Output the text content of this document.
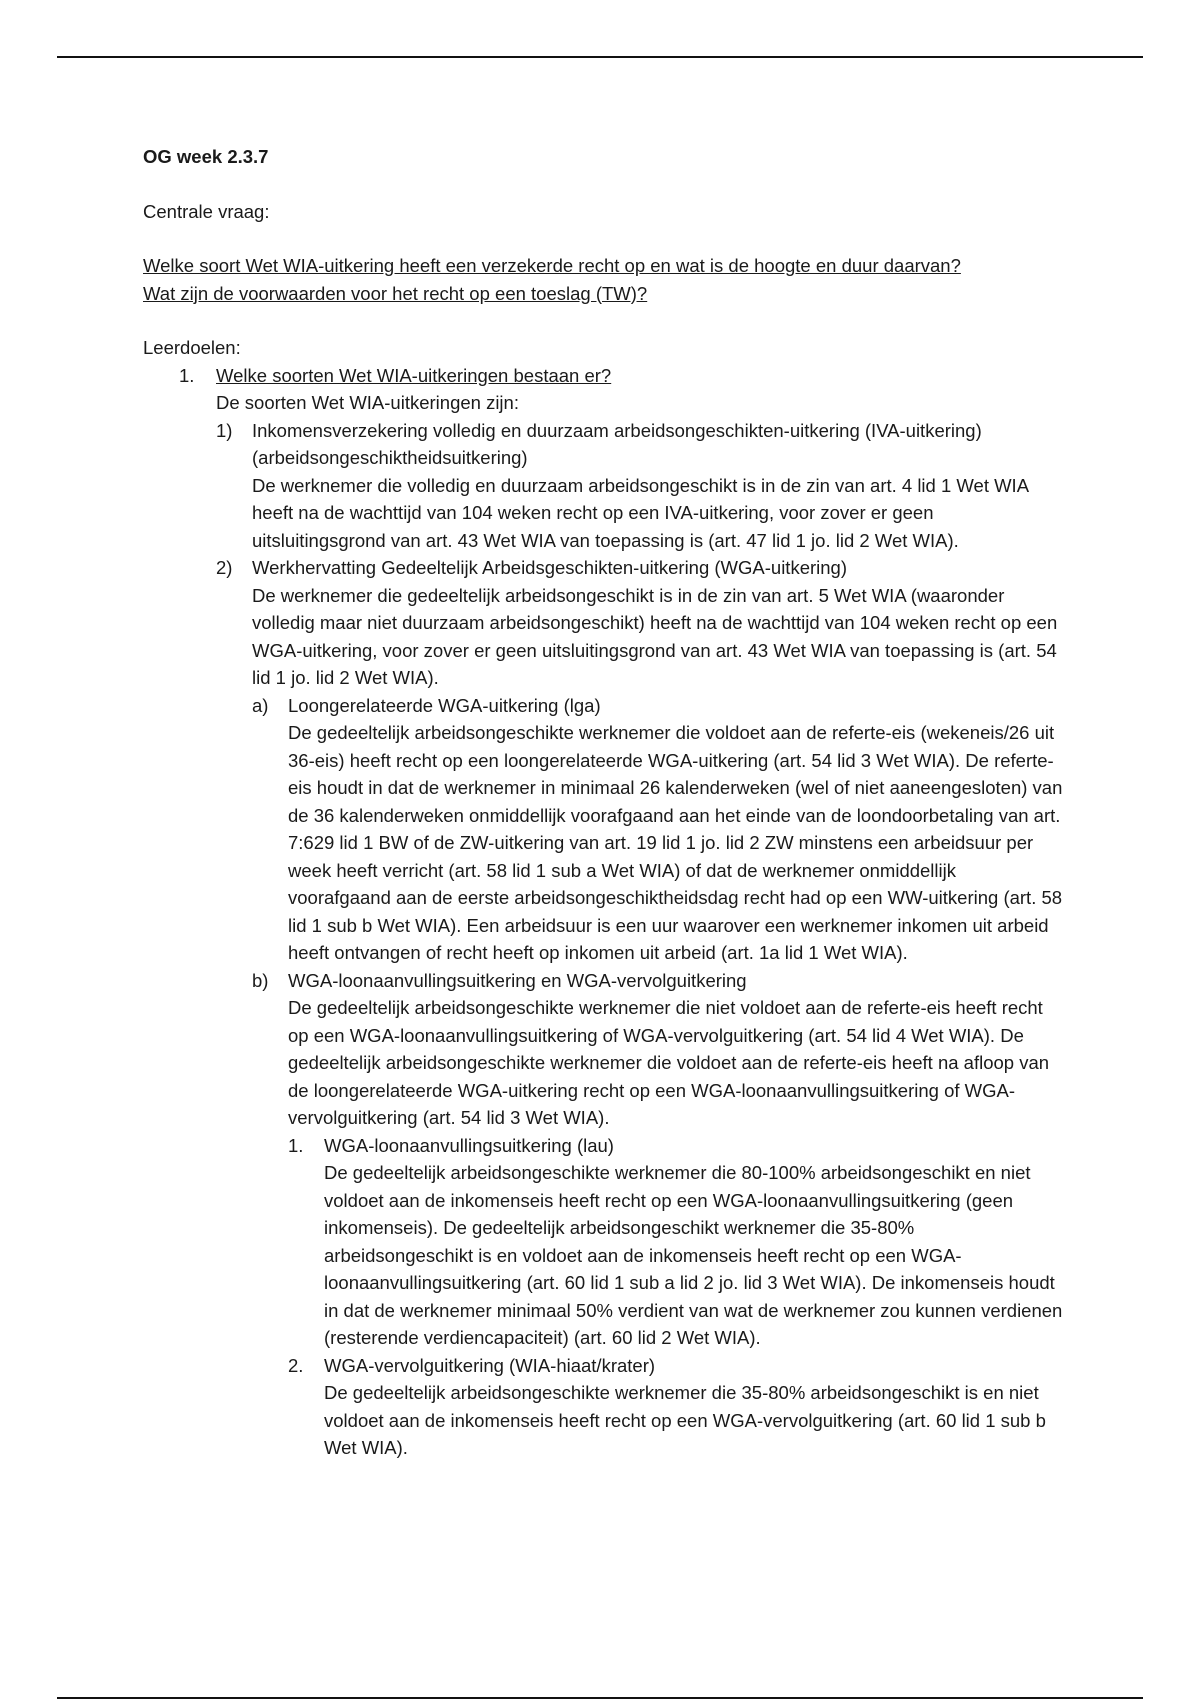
OG week 2.3.7
Centrale vraag:
Welke soort Wet WIA-uitkering heeft een verzekerde recht op en wat is de hoogte en duur daarvan?
Wat zijn de voorwaarden voor het recht op een toeslag (TW)?
Leerdoelen:
1. Welke soorten Wet WIA-uitkeringen bestaan er?
De soorten Wet WIA-uitkeringen zijn:
1) Inkomensverzekering volledig en duurzaam arbeidsongeschikten-uitkering (IVA-uitkering)(arbeidsongeschiktheidsuitkering)
De werknemer die volledig en duurzaam arbeidsongeschikt is in de zin van art. 4 lid 1 Wet WIA heeft na de wachttijd van 104 weken recht op een IVA-uitkering, voor zover er geen uitsluitingsgrond van art. 43 Wet WIA van toepassing is (art. 47 lid 1 jo. lid 2 Wet WIA).
2) Werkhervatting Gedeeltelijk Arbeidsgeschikten-uitkering (WGA-uitkering)
De werknemer die gedeeltelijk arbeidsongeschikt is in de zin van art. 5 Wet WIA (waaronder volledig maar niet duurzaam arbeidsongeschikt) heeft na de wachttijd van 104 weken recht op een WGA-uitkering, voor zover er geen uitsluitingsgrond van art. 43 Wet WIA van toepassing is (art. 54 lid 1 jo. lid 2 Wet WIA).
a) Loongerelateerde WGA-uitkering (lga)
De gedeeltelijk arbeidsongeschikte werknemer die voldoet aan de referte-eis (wekeneis/26 uit 36-eis) heeft recht op een loongerelateerde WGA-uitkering (art. 54 lid 3 Wet WIA). De referte-eis houdt in dat de werknemer in minimaal 26 kalenderweken (wel of niet aaneengesloten) van de 36 kalenderweken onmiddellijk voorafgaand aan het einde van de loondoorbetaling van art. 7:629 lid 1 BW of de ZW-uitkering van art. 19 lid 1 jo. lid 2 ZW minstens een arbeidsuur per week heeft verricht (art. 58 lid 1 sub a Wet WIA) of dat de werknemer onmiddellijk voorafgaand aan de eerste arbeidsongeschiktheidsdag recht had op een WW-uitkering (art. 58 lid 1 sub b Wet WIA). Een arbeidsuur is een uur waarover een werknemer inkomen uit arbeid heeft ontvangen of recht heeft op inkomen uit arbeid (art. 1a lid 1 Wet WIA).
b) WGA-loonaanvullingsuitkering en WGA-vervolguitkering
De gedeeltelijk arbeidsongeschikte werknemer die niet voldoet aan de referte-eis heeft recht op een WGA-loonaanvullingsuitkering of WGA-vervolguitkering (art. 54 lid 4 Wet WIA). De gedeeltelijk arbeidsongeschikte werknemer die voldoet aan de referte-eis heeft na afloop van de loongerelateerde WGA-uitkering recht op een WGA-loonaanvullingsuitkering of WGA-vervolguitkering (art. 54 lid 3 Wet WIA).
1. WGA-loonaanvullingsuitkering (lau)
De gedeeltelijk arbeidsongeschikte werknemer die 80-100% arbeidsongeschikt en niet voldoet aan de inkomenseis heeft recht op een WGA-loonaanvullingsuitkering (geen inkomenseis). De gedeeltelijk arbeidsongeschikt werknemer die 35-80% arbeidsongeschikt is en voldoet aan de inkomenseis heeft recht op een WGA-loonaanvullingsuitkering (art. 60 lid 1 sub a lid 2 jo. lid 3 Wet WIA). De inkomenseis houdt in dat de werknemer minimaal 50% verdient van wat de werknemer zou kunnen verdienen (resterende verdiencapaciteit) (art. 60 lid 2 Wet WIA).
2. WGA-vervolguitkering (WIA-hiaat/krater)
De gedeeltelijk arbeidsongeschikte werknemer die 35-80% arbeidsongeschikt is en niet voldoet aan de inkomenseis heeft recht op een WGA-vervolguitkering (art. 60 lid 1 sub b Wet WIA).
